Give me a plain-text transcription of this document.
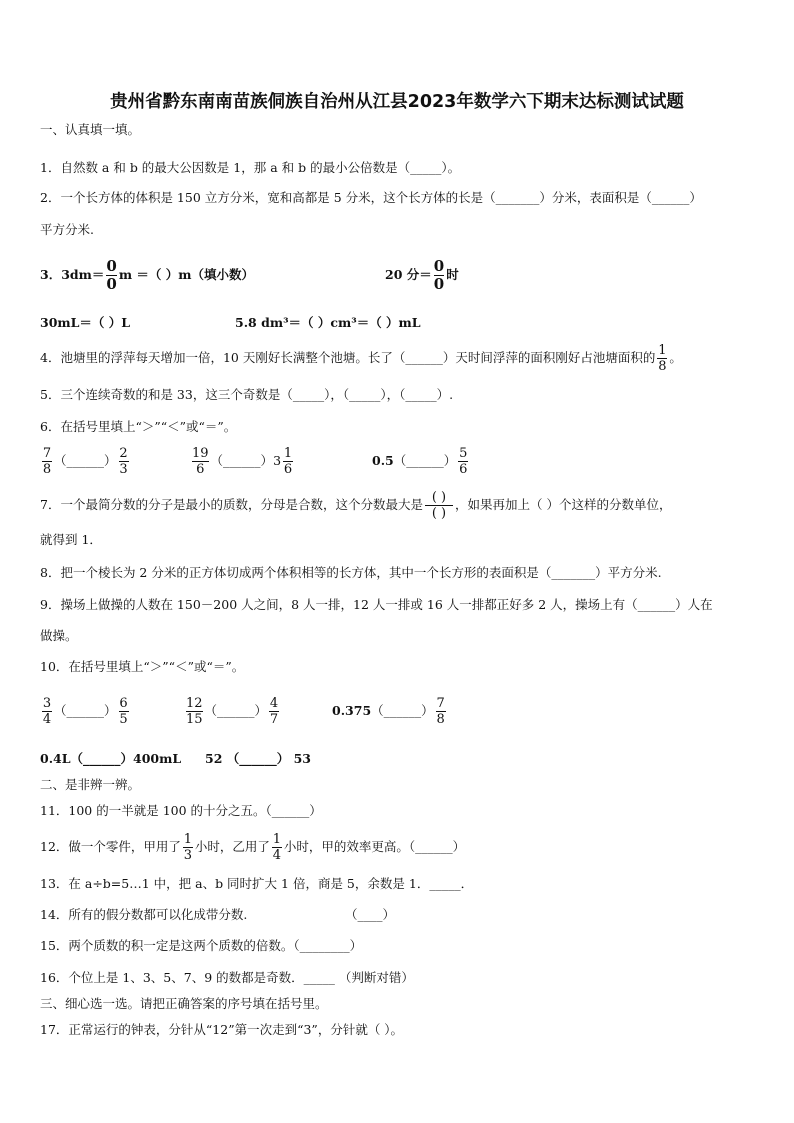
贵州省黔东南南苗族侗族自治州从江县2023年数学六下期末达标测试试题
一、认真填一填。
1．自然数 a 和 b 的最大公因数是 1，那 a 和 b 的最小公倍数是（_____）。
2．一个长方体的体积是 150 立方分米，宽和高都是 5 分米，这个长方体的长是（_______）分米，表面积是（______）
平方分米.
3．$3dm= \frac{0}{0}$ m ＝（ ）m（填小数）	20 分＝ $\frac{0}{0}$ 时
30mL＝（ ）L	5.8 dm³＝（ ）cm³＝（ ）mL
4．池塘里的浮萍每天增加一倍，10 天刚好长满整个池塘。长了（______）天时间浮萍的面积刚好占池塘面积的 $\frac{1}{8}$ 。
5．三个连续奇数的和是 33，这三个奇数是（_____），（_____），（_____）.
6．在括号里填上“＞”“＜”或“＝”。
$\frac{7}{8}$ （______） $\frac{2}{3}$	$\frac{19}{6}$ （______）3 $\frac{1}{6}$	0.5（______） $\frac{5}{6}$
7．一个最简分数的分子是最小的质数，分母是合数，这个分数最大是 $\frac{( )}{( )}$ ，如果再加上（ ）个这样的分数单位，
就得到 1．
8．把一个棱长为 2 分米的正方体切成两个体积相等的长方体，其中一个长方形的表面积是（_______）平方分米.
9．操场上做操的人数在 150－200 人之间，8 人一排，12 人一排或 16 人一排都正好多 2 人，操场上有（______）人在
做操。
10．在括号里填上“＞”“＜”或“＝”。
$\frac{3}{4}$ （______） $\frac{6}{5}$	$\frac{12}{15}$ （______） $\frac{4}{7}$	0.375（______） $\frac{7}{8}$
0.4L（______）400mL 52 （______） 53
二、是非辨一辨。
11．100 的一半就是 100 的十分之五。（______）
12．做一个零件，甲用了 $\frac{1}{3}$ 小时，乙用了 $\frac{1}{4}$ 小时，甲的效率更高。（______）
13．在 a÷b=5…1 中，把 a、b 同时扩大 1 倍，商是 5，余数是 1．_____．
14．所有的假分数都可以化成带分数.	（____）
15．两个质数的积一定是这两个质数的倍数。（________）
16．个位上是 1、3、5、7、9 的数都是奇数．_____ （判断对错）
三、细心选一选。请把正确答案的序号填在括号里。
17．正常运行的钟表，分针从“12”第一次走到“3”，分针就（ ）。
